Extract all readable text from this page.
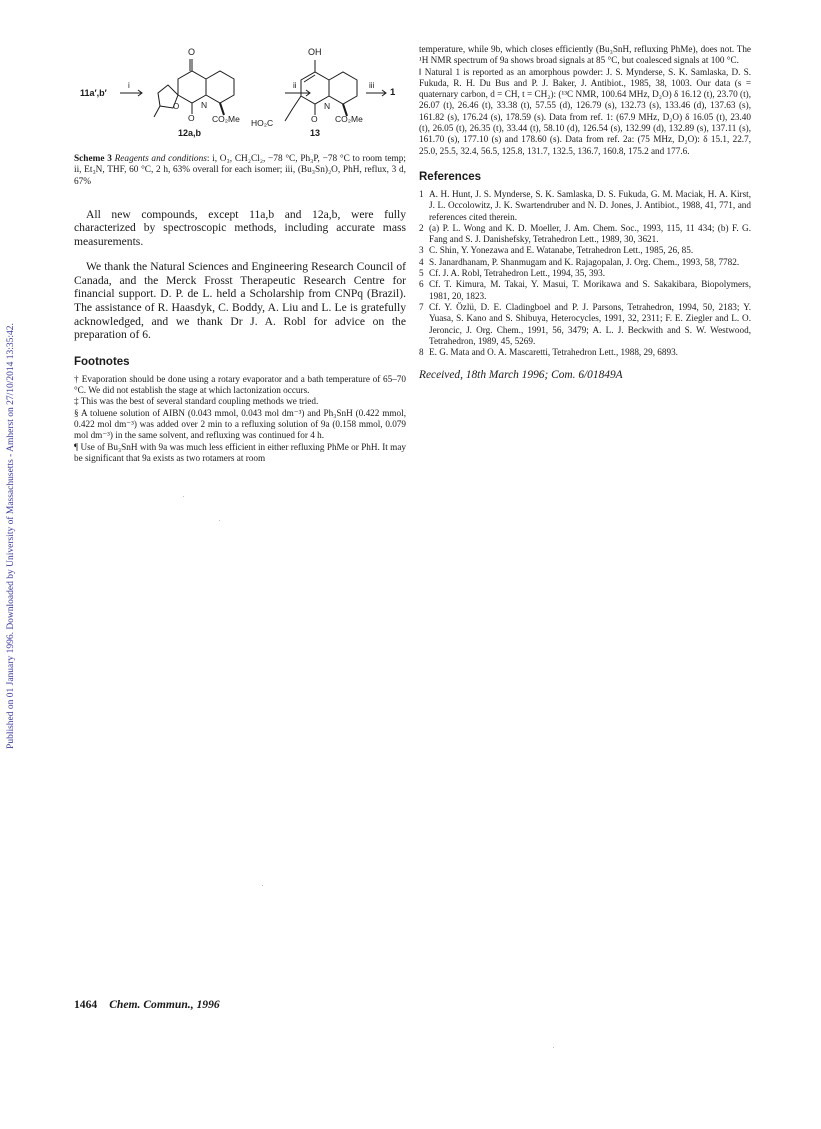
Published on 01 January 1996. Downloaded by University of Massachusetts - Amherst on 27/10/2014 13:35:42.
11a′,b′
i
O
O	N
O CO₂Me
12a,b
ii
OH
N
O CO₂Me
HO₂C
13
iii
1
Scheme 3 Reagents and conditions: i, O₃, CH₂Cl₂, −78 °C, Ph₃P, −78 °C to room temp; ii, Et₃N, THF, 60 °C, 2 h, 63% overall for each isomer; iii, (Bu₃Sn)₂O, PhH, reflux, 3 d, 67%

All new compounds, except 11a,b and 12a,b, were fully characterized by spectroscopic methods, including accurate mass measurements.

We thank the Natural Sciences and Engineering Research Council of Canada, and the Merck Frosst Therapeutic Research Centre for financial support. D. P. de L. held a Scholarship from CNPq (Brazil). The assistance of R. Haasdyk, C. Boddy, A. Liu and L. Le is gratefully acknowledged, and we thank Dr J. A. Robl for advice on the preparation of 6.

Footnotes
† Evaporation should be done using a rotary evaporator and a bath temperature of 65–70 °C. We did not establish the stage at which lactonization occurs.
‡ This was the best of several standard coupling methods we tried.
§ A toluene solution of AIBN (0.043 mmol, 0.043 mol dm⁻³) and Ph₃SnH (0.422 mmol, 0.422 mol dm⁻³) was added over 2 min to a refluxing solution of 9a (0.158 mmol, 0.079 mol dm⁻³) in the same solvent, and refluxing was continued for 4 h.
¶ Use of Bu₃SnH with 9a was much less efficient in either refluxing PhMe or PhH. It may be significant that 9a exists as two rotamers at room
temperature, while 9b, which closes efficiently (Bu₃SnH, refluxing PhMe), does not. The ¹H NMR spectrum of 9a shows broad signals at 85 °C, but coalesced signals at 100 °C.
‖ Natural 1 is reported as an amorphous powder: J. S. Mynderse, S. K. Samlaska, D. S. Fukuda, R. H. Du Bus and P. J. Baker, J. Antibiot., 1985, 38, 1003. Our data (s = quaternary carbon, d = CH, t = CH₂): (¹³C NMR, 100.64 MHz, D₂O) δ 16.12 (t), 23.70 (t), 26.07 (t), 26.46 (t), 33.38 (t), 57.55 (d), 126.79 (s), 132.73 (s), 133.46 (d), 137.63 (s), 161.82 (s), 176.24 (s), 178.59 (s). Data from ref. 1: (67.9 MHz, D₂O) δ 16.05 (t), 23.40 (t), 26.05 (t), 26.35 (t), 33.44 (t), 58.10 (d), 126.54 (s), 132.99 (d), 132.89 (s), 137.11 (s), 161.70 (s), 177.10 (s) and 178.60 (s). Data from ref. 2a: (75 MHz, D₂O): δ 15.1, 22.7, 25.0, 25.5, 32.4, 56.5, 125.8, 131.7, 132.5, 136.7, 160.8, 175.2 and 177.6.
References
1 A. H. Hunt, J. S. Mynderse, S. K. Samlaska, D. S. Fukuda, G. M. Maciak, H. A. Kirst, J. L. Occolowitz, J. K. Swartendruber and N. D. Jones, J. Antibiot., 1988, 41, 771, and references cited therein.
2 (a) P. L. Wong and K. D. Moeller, J. Am. Chem. Soc., 1993, 115, 11 434; (b) F. G. Fang and S. J. Danishefsky, Tetrahedron Lett., 1989, 30, 3621.
3 C. Shin, Y. Yonezawa and E. Watanabe, Tetrahedron Lett., 1985, 26, 85.
4 S. Janardhanam, P. Shanmugam and K. Rajagopalan, J. Org. Chem., 1993, 58, 7782.
5 Cf. J. A. Robl, Tetrahedron Lett., 1994, 35, 393.
6 Cf. T. Kimura, M. Takai, Y. Masui, T. Morikawa and S. Sakakibara, Biopolymers, 1981, 20, 1823.
7 Cf. Y. Özlü, D. E. Cladingboel and P. J. Parsons, Tetrahedron, 1994, 50, 2183; Y. Yuasa, S. Kano and S. Shibuya, Heterocycles, 1991, 32, 2311; F. E. Ziegler and L. O. Jeroncic, J. Org. Chem., 1991, 56, 3479; A. L. J. Beckwith and S. W. Westwood, Tetrahedron, 1989, 45, 5269.
8 E. G. Mata and O. A. Mascaretti, Tetrahedron Lett., 1988, 29, 6893.
Received, 18th March 1996; Com. 6/01849A
1464 Chem. Commun., 1996
